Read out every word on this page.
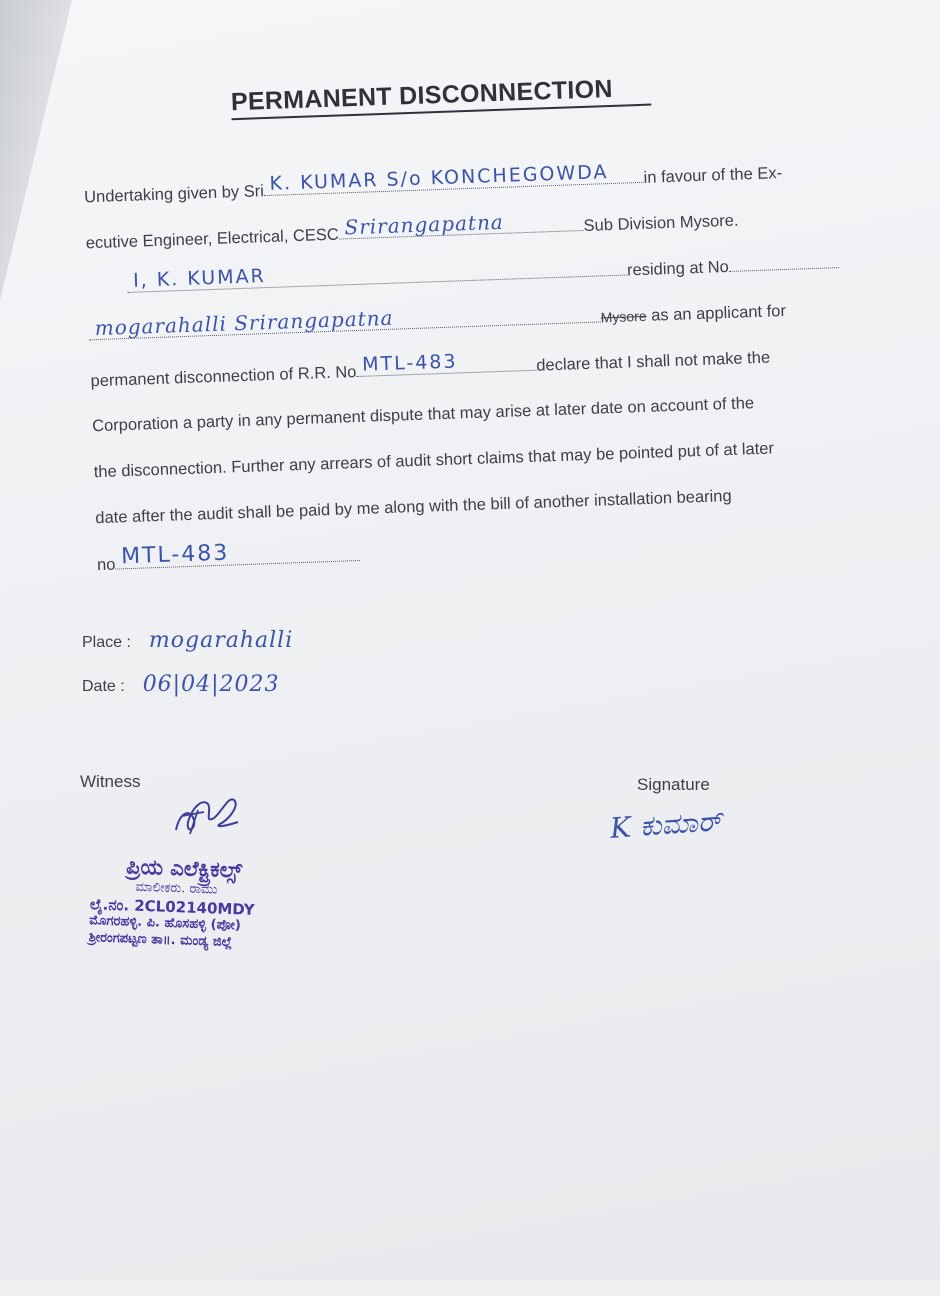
PERMANENT DISCONNECTION
Undertaking given by Sri K. KUMAR S/o KONCHEGOWDA in favour of the Ex-
ecutive Engineer, Electrical, CESC Srirangapatna	Sub Division Mysore.
I, K. KUMAR	residing at No
mogarahalli Srirangapatna	Mysore as an applicant for
permanent disconnection of R.R. No MTL-483	declare that I shall not make the
Corporation a party in any permanent dispute that may arise at later date on account of the
the disconnection. Further any arrears of audit short claims that may be pointed put of at later
date after the audit shall be paid by me along with the bill of another installation bearing
no MTL-483
Place : mogarahalli
Date : 06|04|2023
Witness	Signature
ಪ್ರಿಯ ಎಲೆಕ್ಟ್ರಿಕಲ್ಸ್
ಮಾಲೀಕರು. ರಾಮು
ಲೈ.ನಂ. 2CL02140MDY
ಮೊಗರಹಳ್ಳಿ. ಪಿ. ಹೊಸಹಳ್ಳಿ (ಪೋ)
ಶ್ರೀರಂಗಪಟ್ಟಣ ತಾ॥. ಮಂಡ್ಯ ಜಿಲ್ಲೆ
K ಕುಮಾರ್
